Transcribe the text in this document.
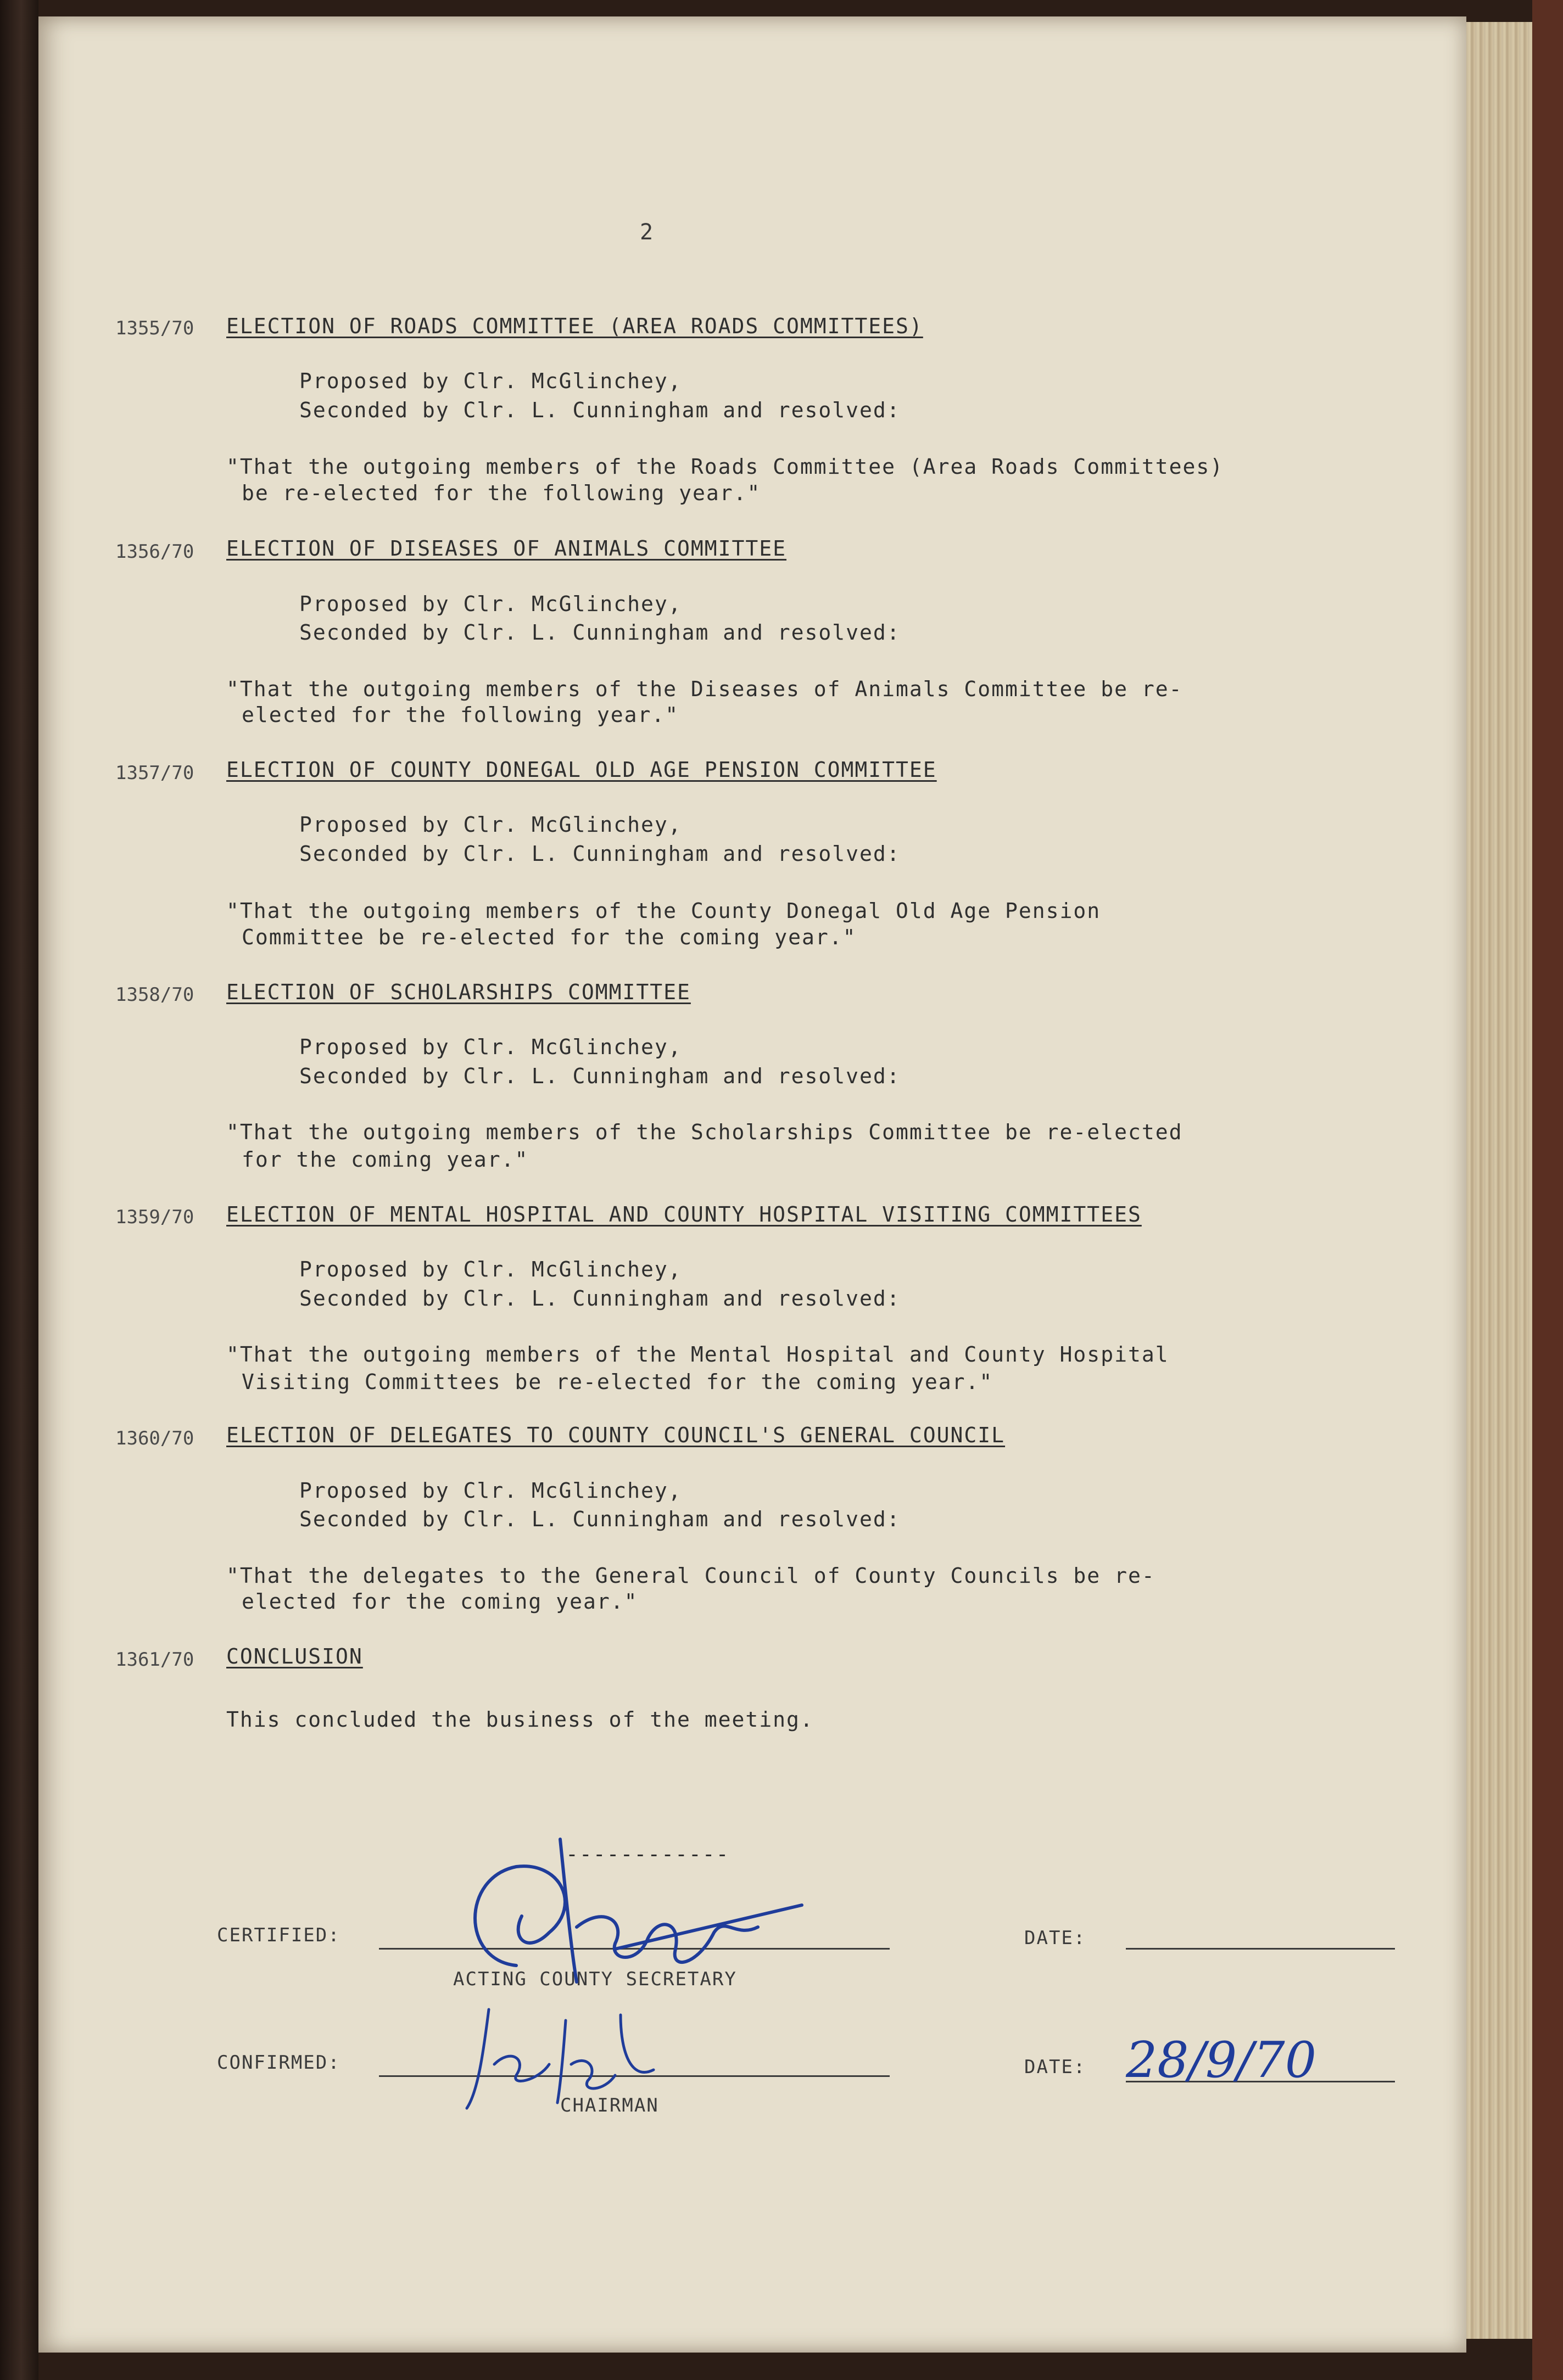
2
1355/70 ELECTION OF ROADS COMMITTEE (AREA ROADS COMMITTEES)
Proposed by Clr. McGlinchey,
Seconded by Clr. L. Cunningham and resolved:
"That the outgoing members of the Roads Committee (Area Roads Committees)
be re-elected for the following year."
1356/70 ELECTION OF DISEASES OF ANIMALS COMMITTEE
Proposed by Clr. McGlinchey,
Seconded by Clr. L. Cunningham and resolved:
"That the outgoing members of the Diseases of Animals Committee be re-
elected for the following year."
1357/70 ELECTION OF COUNTY DONEGAL OLD AGE PENSION COMMITTEE
Proposed by Clr. McGlinchey,
Seconded by Clr. L. Cunningham and resolved:
"That the outgoing members of the County Donegal Old Age Pension
Committee be re-elected for the coming year."
1358/70 ELECTION OF SCHOLARSHIPS COMMITTEE
Proposed by Clr. McGlinchey,
Seconded by Clr. L. Cunningham and resolved:
"That the outgoing members of the Scholarships Committee be re-elected
for the coming year."
1359/70 ELECTION OF MENTAL HOSPITAL AND COUNTY HOSPITAL VISITING COMMITTEES
Proposed by Clr. McGlinchey,
Seconded by Clr. L. Cunningham and resolved:
"That the outgoing members of the Mental Hospital and County Hospital
Visiting Committees be re-elected for the coming year."
1360/70 ELECTION OF DELEGATES TO COUNTY COUNCIL'S GENERAL COUNCIL
Proposed by Clr. McGlinchey,
Seconded by Clr. L. Cunningham and resolved:
"That the delegates to the General Council of County Councils be re-
elected for the coming year."
1361/70 CONCLUSION
This concluded the business of the meeting.
------------
CERTIFIED:
ACTING COUNTY SECRETARY
DATE:
CONFIRMED:
CHAIRMAN
DATE: 28/9/70
